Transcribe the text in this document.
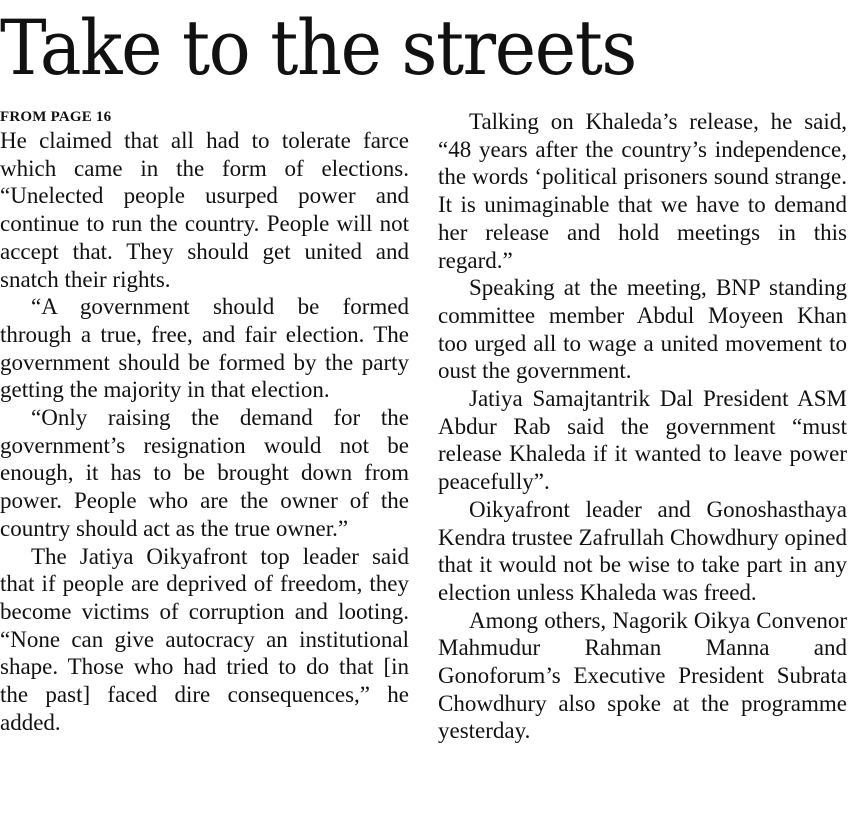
Take to the streets
FROM PAGE 16

He claimed that all had to tolerate farce which came in the form of elections. “Unelected people usurped power and continue to run the country. People will not accept that. They should get united and snatch their rights.

“A government should be formed through a true, free, and fair election. The government should be formed by the party getting the majority in that election.

“Only raising the demand for the government’s resignation would not be enough, it has to be brought down from power. People who are the owner of the country should act as the true owner.”

The Jatiya Oikyafront top leader said that if people are deprived of freedom, they become victims of corruption and looting. “None can give autocracy an institutional shape. Those who had tried to do that [in the past] faced dire consequences,” he added.

Talking on Khaleda’s release, he said, “48 years after the country’s independence, the words ‘political prisoners sound strange. It is unimaginable that we have to demand her release and hold meetings in this regard.”

Speaking at the meeting, BNP standing committee member Abdul Moyeen Khan too urged all to wage a united movement to oust the government.

Jatiya Samajtantrik Dal President ASM Abdur Rab said the government “must release Khaleda if it wanted to leave power peacefully”.

Oikyafront leader and Gonoshasthaya Kendra trustee Zafrullah Chowdhury opined that it would not be wise to take part in any election unless Khaleda was freed.

Among others, Nagorik Oikya Convenor Mahmudur Rahman Manna and Gonoforum’s Executive President Subrata Chowdhury also spoke at the programme yesterday.
